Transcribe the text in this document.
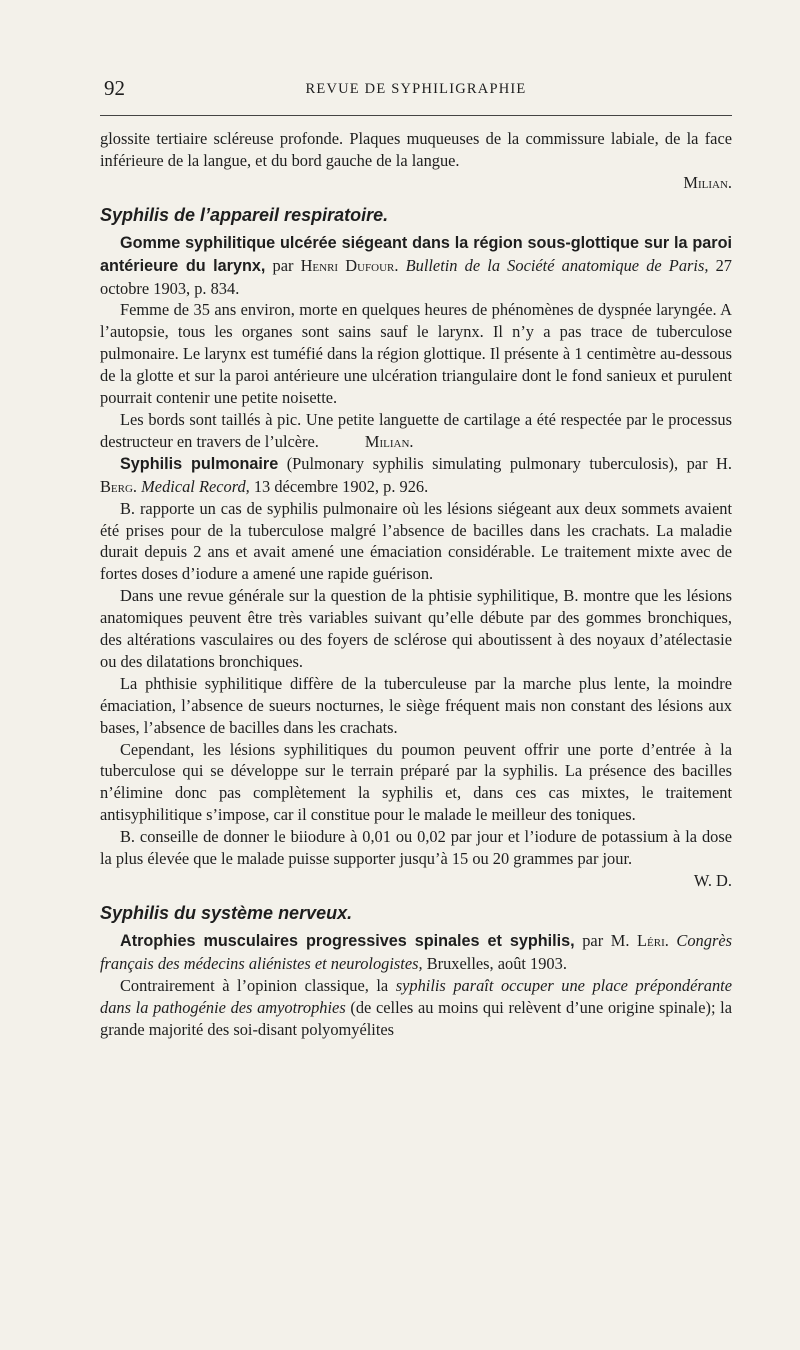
92	REVUE DE SYPHILIGRAPHIE

glossite tertiaire scléreuse profonde. Plaques muqueuses de la commissure labiale, de la face inférieure de la langue, et du bord gauche de la langue.
Milian.

Syphilis de l’appareil respiratoire.

Gomme syphilitique ulcérée siégeant dans la région sous-glottique sur la paroi antérieure du larynx, par Henri Dufour. Bulletin de la Société anatomique de Paris, 27 octobre 1903, p. 834.

Femme de 35 ans environ, morte en quelques heures de phénomènes de dyspnée laryngée. A l’autopsie, tous les organes sont sains sauf le larynx. Il n’y a pas trace de tuberculose pulmonaire. Le larynx est tuméfié dans la région glottique. Il présente à 1 centimètre au-dessous de la glotte et sur la paroi antérieure une ulcération triangulaire dont le fond sanieux et purulent pourrait contenir une petite noisette.

Les bords sont taillés à pic. Une petite languette de cartilage a été respectée par le processus destructeur en travers de l’ulcère.	Milian.

Syphilis pulmonaire (Pulmonary syphilis simulating pulmonary tuberculosis), par H. Berg. Medical Record, 13 décembre 1902, p. 926.

B. rapporte un cas de syphilis pulmonaire où les lésions siégeant aux deux sommets avaient été prises pour de la tuberculose malgré l’absence de bacilles dans les crachats. La maladie durait depuis 2 ans et avait amené une émaciation considérable. Le traitement mixte avec de fortes doses d’iodure a amené une rapide guérison.

Dans une revue générale sur la question de la phtisie syphilitique, B. montre que les lésions anatomiques peuvent être très variables suivant qu’elle débute par des gommes bronchiques, des altérations vasculaires ou des foyers de sclérose qui aboutissent à des noyaux d’atélectasie ou des dilatations bronchiques.

La phthisie syphilitique diffère de la tuberculeuse par la marche plus lente, la moindre émaciation, l’absence de sueurs nocturnes, le siège fréquent mais non constant des lésions aux bases, l’absence de bacilles dans les crachats.

Cependant, les lésions syphilitiques du poumon peuvent offrir une porte d’entrée à la tuberculose qui se développe sur le terrain préparé par la syphilis. La présence des bacilles n’élimine donc pas complètement la syphilis et, dans ces cas mixtes, le traitement antisyphilitique s’impose, car il constitue pour le malade le meilleur des toniques.

B. conseille de donner le biiodure à 0,01 ou 0,02 par jour et l’iodure de potassium à la dose la plus élevée que le malade puisse supporter jusqu’à 15 ou 20 grammes par jour.
W. D.

Syphilis du système nerveux.

Atrophies musculaires progressives spinales et syphilis, par M. Léri. Congrès français des médecins aliénistes et neurologistes, Bruxelles, août 1903.

Contrairement à l’opinion classique, la syphilis paraît occuper une place prépondérante dans la pathogénie des amyotrophies (de celles au moins qui relèvent d’une origine spinale); la grande majorité des soi-disant polyomyélites
